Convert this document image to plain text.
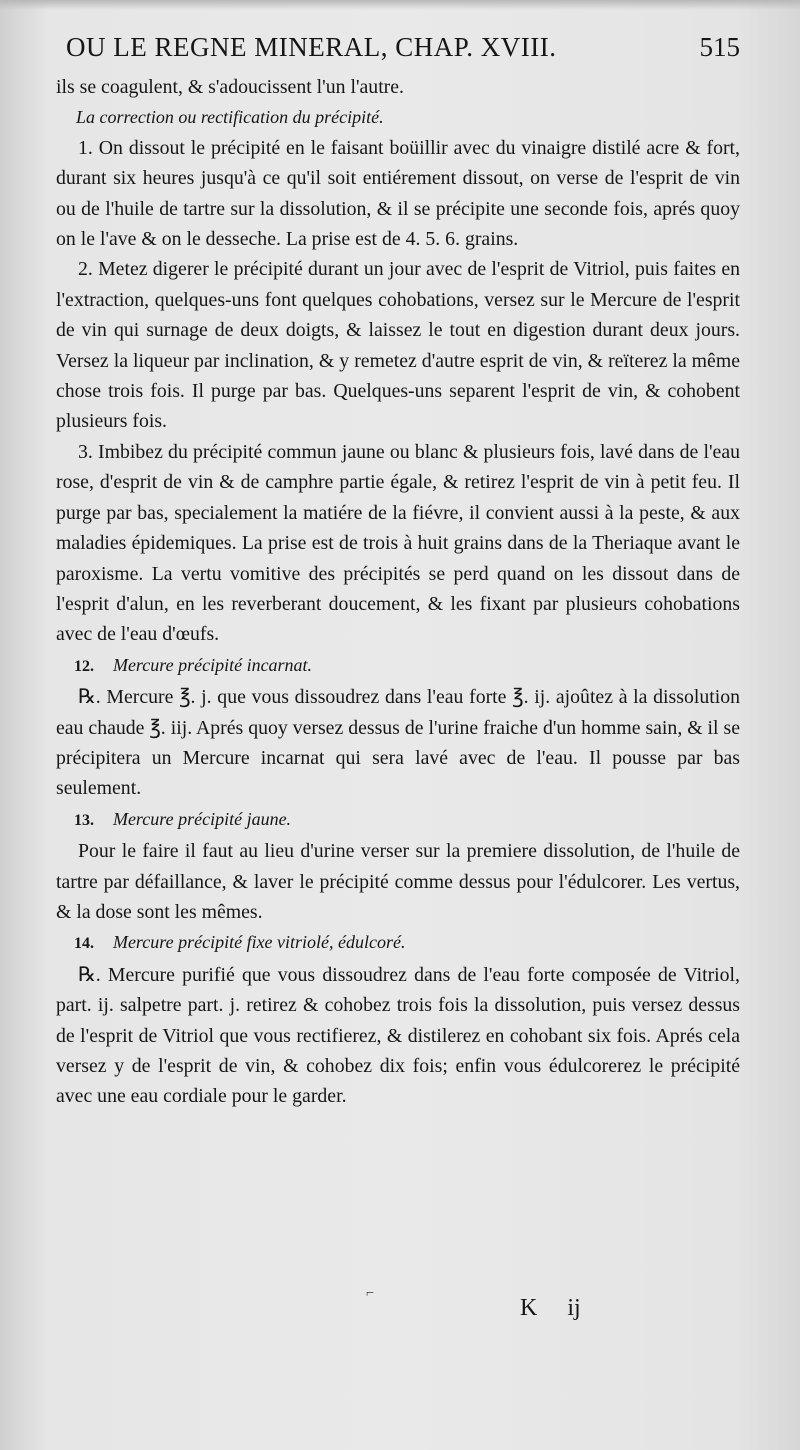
OU LE REGNE MINERAL, CHAP. XVIII.	515

ils se coagulent, & s'adoucissent l'un l'autre.

La correction ou rectification du précipité.

1. On dissout le précipité en le faisant boüillir avec du vinaigre distilé acre & fort, durant six heures jusqu'à ce qu'il soit entiérement dissout, on verse de l'esprit de vin ou de l'huile de tartre sur la dissolution, & il se précipite une seconde fois, aprés quoy on le l'ave & on le desseche. La prise est de 4. 5. 6. grains.

2. Metez digerer le précipité durant un jour avec de l'esprit de Vitriol, puis faites en l'extraction, quelques-uns font quelques cohobations, versez sur le Mercure de l'esprit de vin qui surnage de deux doigts, & laissez le tout en digestion durant deux jours. Versez la liqueur par inclination, & y remetez d'autre esprit de vin, & reïterez la même chose trois fois. Il purge par bas. Quelques-uns separent l'esprit de vin, & cohobent plusieurs fois.

3. Imbibez du précipité commun jaune ou blanc & plusieurs fois, lavé dans de l'eau rose, d'esprit de vin & de camphre partie égale, & retirez l'esprit de vin à petit feu. Il purge par bas, specialement la matiére de la fiévre, il convient aussi à la peste, & aux maladies épidemiques. La prise est de trois à huit grains dans de la Theriaque avant le paroxisme. La vertu vomitive des précipités se perd quand on les dissout dans de l'esprit d'alun, en les reverberant doucement, & les fixant par plusieurs cohobations avec de l'eau d'œufs.

12. Mercure précipité incarnat.

℞. Mercure ℥. j. que vous dissoudrez dans l'eau forte ℥. ij. ajoûtez à la dissolution eau chaude ℥. iij. Aprés quoy versez dessus de l'urine fraiche d'un homme sain, & il se précipitera un Mercure incarnat qui sera lavé avec de l'eau. Il pousse par bas seulement.

13. Mercure précipité jaune.

Pour le faire il faut au lieu d'urine verser sur la premiere dissolution, de l'huile de tartre par défaillance, & laver le précipité comme dessus pour l'édulcorer. Les vertus, & la dose sont les mêmes.

14. Mercure précipité fixe vitriolé, édulcoré.

℞. Mercure purifié que vous dissoudrez dans de l'eau forte composée de Vitriol, part. ij. salpetre part. j. retirez & cohobez trois fois la dissolution, puis versez dessus de l'esprit de Vitriol que vous rectifierez, & distilerez en cohobant six fois. Aprés cela versez y de l'esprit de vin, & cohobez dix fois; enfin vous édulcorerez le précipité avec une eau cordiale pour le garder.

⌐
K ij
